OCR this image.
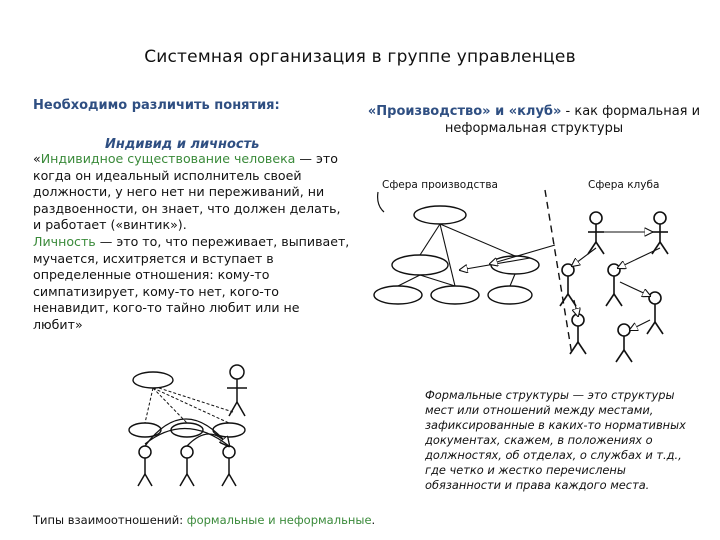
Системная организация в группе управленцев
Необходимо различить понятия:	«Производство» и «клуб» - как формальная и неформальная структуры
Индивид и личность
«Индивидное существование человека — это когда он идеальный исполнитель своей должности, у него нет ни переживаний, ни раздвоенности, он знает, что должен делать, и работает («винтик»).
Личность — это то, что переживает, выпивает, мучается, исхитряется и вступает в определенные отношения: кому-то симпатизирует, кому-то нет, кого-то ненавидит, кого-то тайно любит или не любит»
Сфера производства	Сфера клуба
Формальные структуры — это структуры мест или отношений между местами, зафиксированные в каких-то нормативных документах, скажем, в положениях о должностях, об отделах, о службах и т.д., где четко и жестко перечислены обязанности и права каждого места.
Типы взаимоотношений: формальные и неформальные.
